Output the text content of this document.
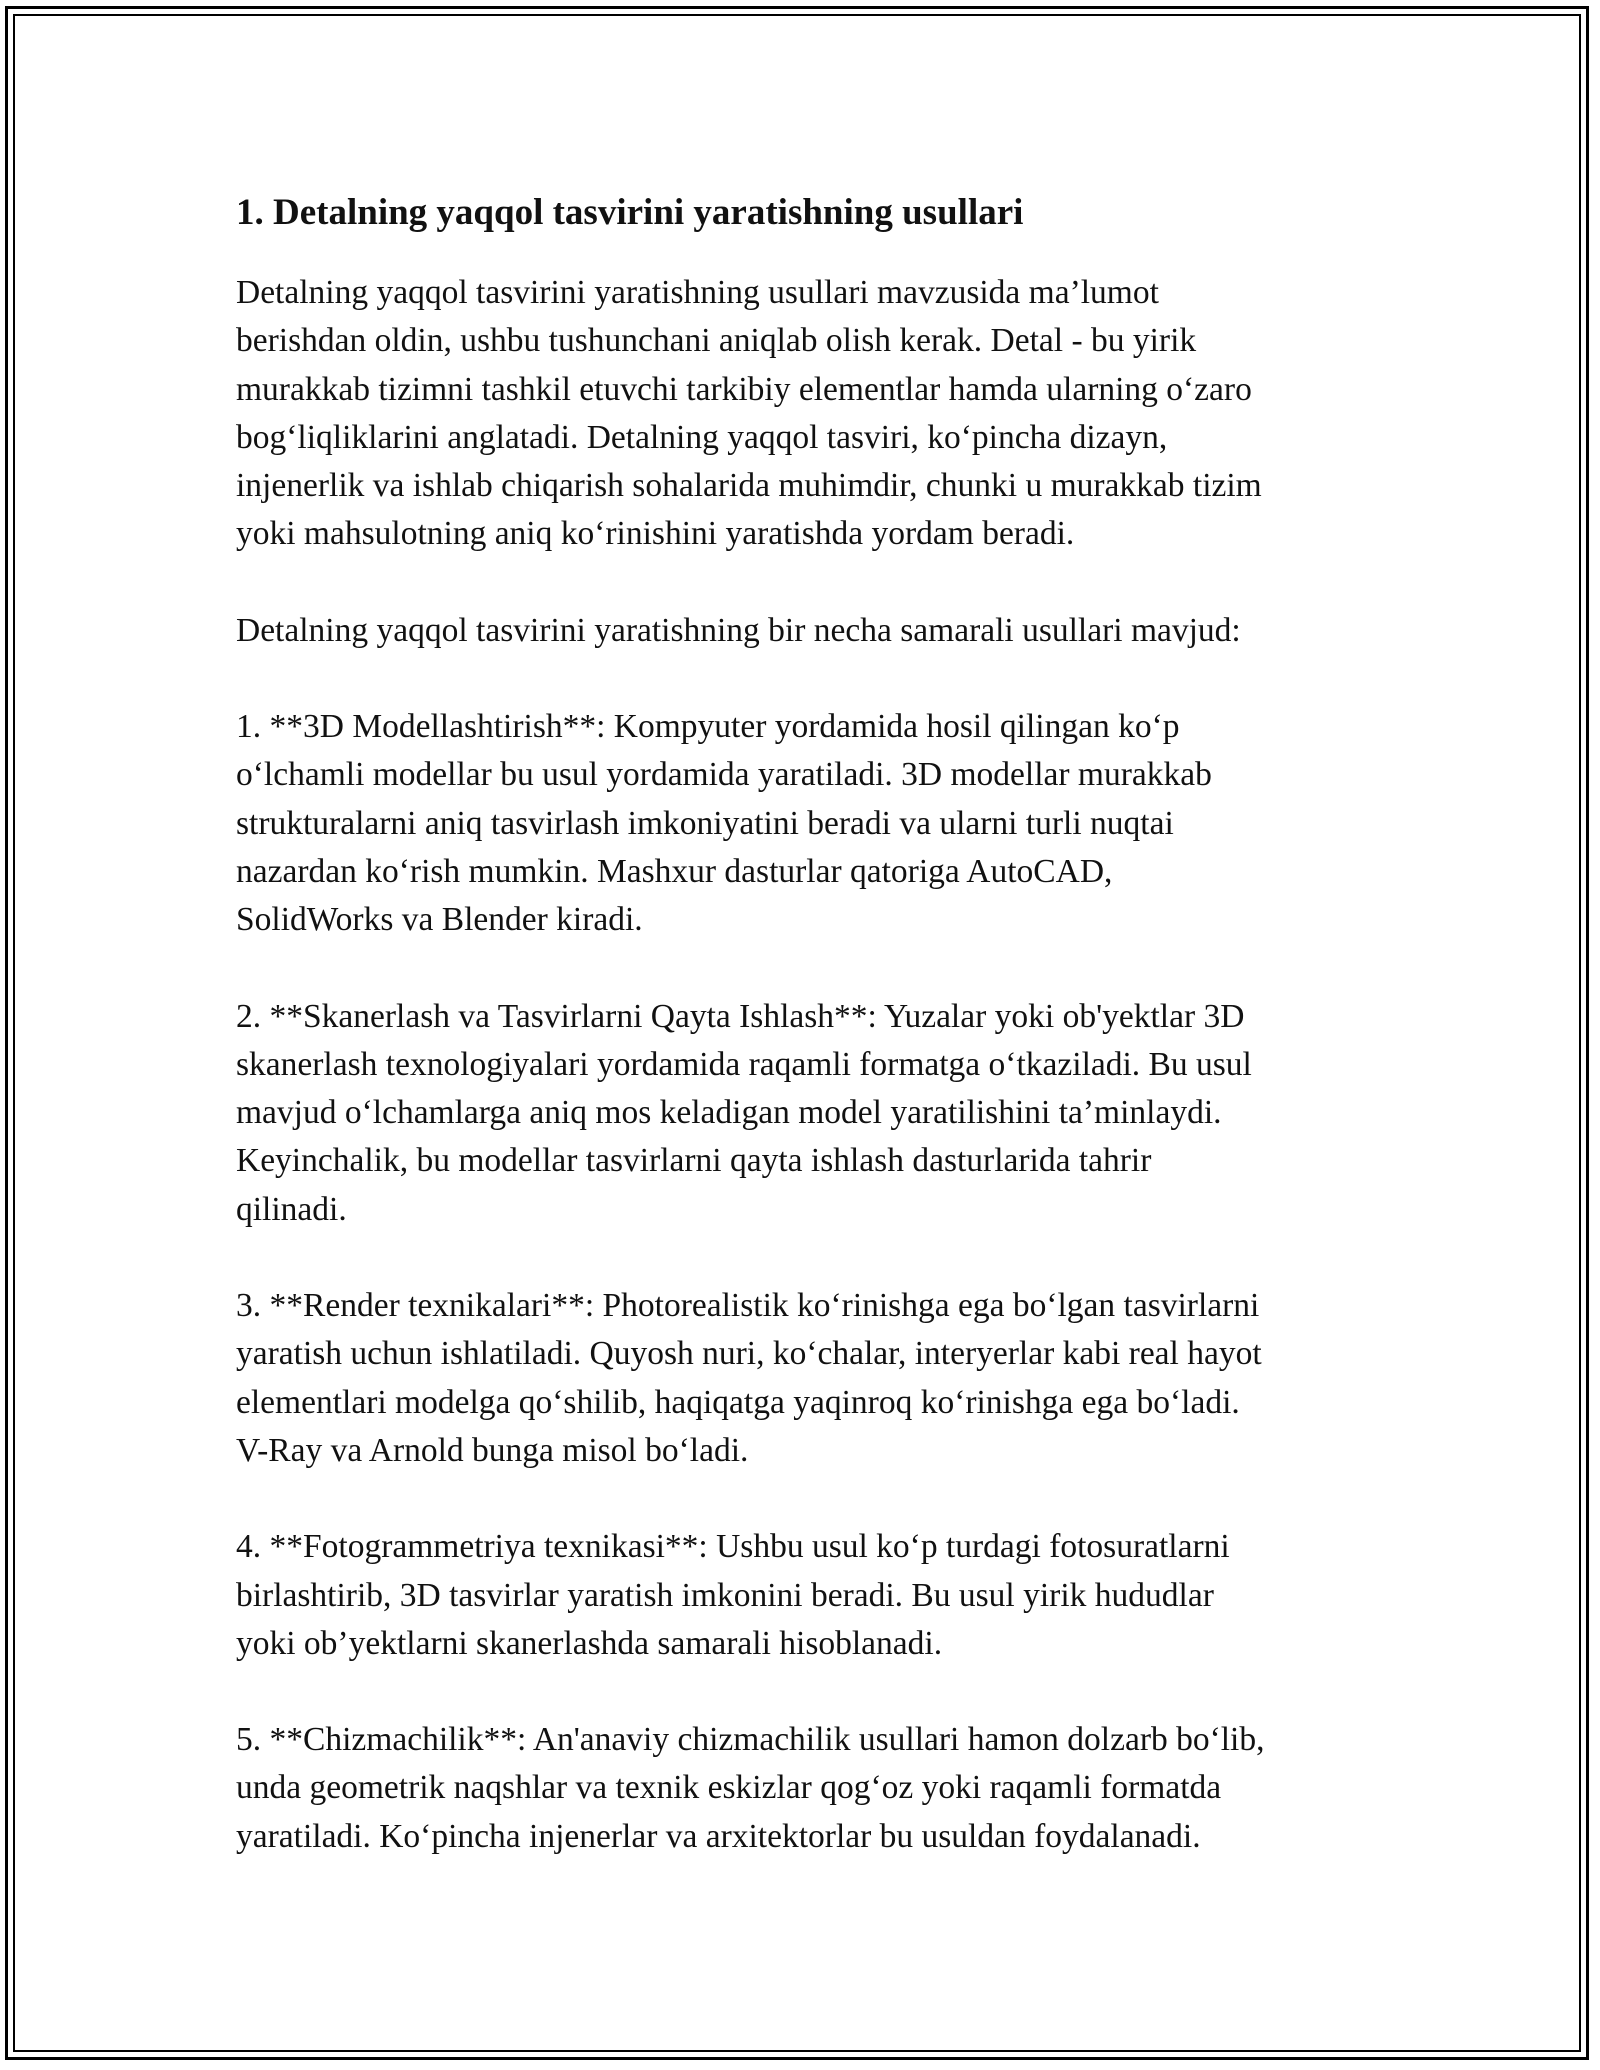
1. Detalning yaqqol tasvirini yaratishning usullari

Detalning yaqqol tasvirini yaratishning usullari mavzusida ma’lumot
berishdan oldin, ushbu tushunchani aniqlab olish kerak. Detal - bu yirik
murakkab tizimni tashkil etuvchi tarkibiy elementlar hamda ularning o‘zaro
bog‘liqliklarini anglatadi. Detalning yaqqol tasviri, ko‘pincha dizayn,
injenerlik va ishlab chiqarish sohalarida muhimdir, chunki u murakkab tizim
yoki mahsulotning aniq ko‘rinishini yaratishda yordam beradi.

Detalning yaqqol tasvirini yaratishning bir necha samarali usullari mavjud:

1. **3D Modellashtirish**: Kompyuter yordamida hosil qilingan ko‘p
o‘lchamli modellar bu usul yordamida yaratiladi. 3D modellar murakkab
strukturalarni aniq tasvirlash imkoniyatini beradi va ularni turli nuqtai
nazardan ko‘rish mumkin. Mashxur dasturlar qatoriga AutoCAD,
SolidWorks va Blender kiradi.

2. **Skanerlash va Tasvirlarni Qayta Ishlash**: Yuzalar yoki ob'yektlar 3D
skanerlash texnologiyalari yordamida raqamli formatga o‘tkaziladi. Bu usul
mavjud o‘lchamlarga aniq mos keladigan model yaratilishini ta’minlaydi.
Keyinchalik, bu modellar tasvirlarni qayta ishlash dasturlarida tahrir
qilinadi.

3. **Render texnikalari**: Photorealistik ko‘rinishga ega bo‘lgan tasvirlarni
yaratish uchun ishlatiladi. Quyosh nuri, ko‘chalar, interyerlar kabi real hayot
elementlari modelga qo‘shilib, haqiqatga yaqinroq ko‘rinishga ega bo‘ladi.
V-Ray va Arnold bunga misol bo‘ladi.

4. **Fotogrammetriya texnikasi**: Ushbu usul ko‘p turdagi fotosuratlarni
birlashtirib, 3D tasvirlar yaratish imkonini beradi. Bu usul yirik hududlar
yoki ob’yektlarni skanerlashda samarali hisoblanadi.

5. **Chizmachilik**: An'anaviy chizmachilik usullari hamon dolzarb bo‘lib,
unda geometrik naqshlar va texnik eskizlar qog‘oz yoki raqamli formatda
yaratiladi. Ko‘pincha injenerlar va arxitektorlar bu usuldan foydalanadi.
